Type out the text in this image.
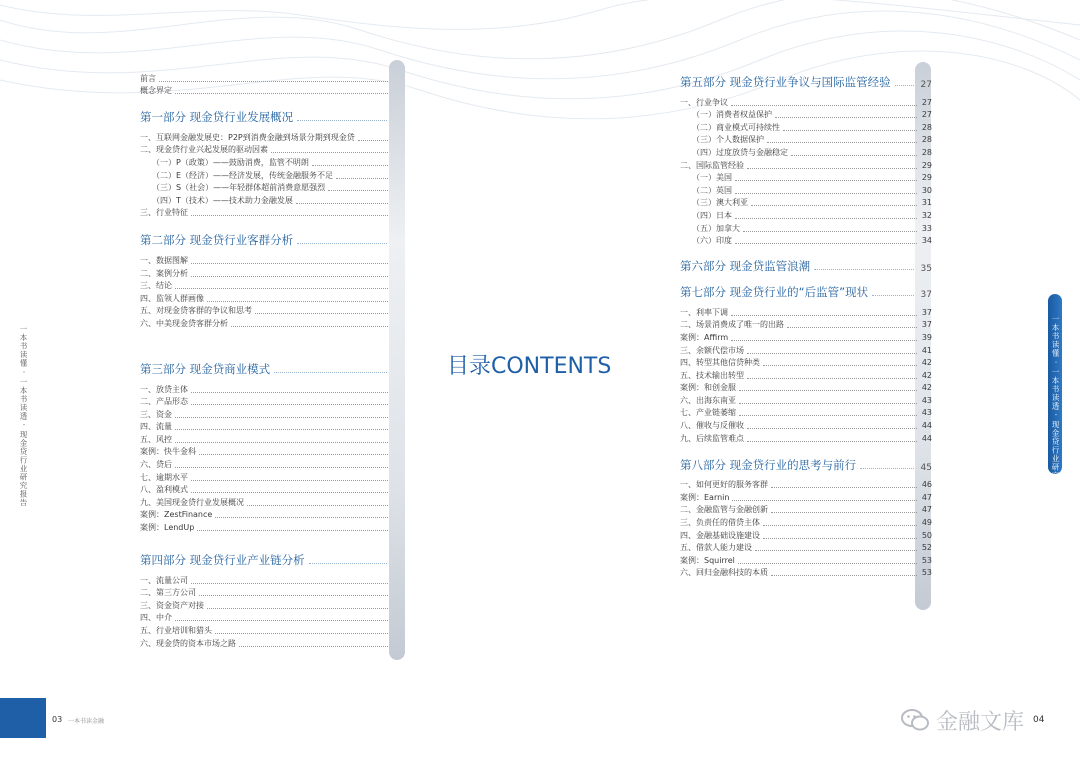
一本书读懂 · 一本书读透 · 现金贷行业研究报告
前言
概念界定
第一部分 现金贷行业发展概况
一、互联网金融发展史：P2P到消费金融到场景分期到现金贷
二、现金贷行业兴起发展的驱动因素
（一）P（政策）——鼓励消费，监管不明朗
（二）E（经济）——经济发展，传统金融服务不足
（三）S（社会）——年轻群体超前消费意愿强烈
（四）T（技术）——技术助力金融发展
三、行业特征
第二部分 现金贷行业客群分析
一、数据图解
二、案例分析
三、结论
四、监领人群画像
五、对现金贷客群的争议和思考
六、中美现金贷客群分析
第三部分 现金贷商业模式
一、放贷主体
二、产品形态
三、资金
四、流量
五、风控
案例：快牛金科
六、贷后
七、逾期水平
八、盈利模式
九、美国现金贷行业发展概况
案例：ZestFinance
案例：LendUp
第四部分 现金贷行业产业链分析
一、流量公司
二、第三方公司
三、资金资产对接
四、中介
五、行业培训和猎头
六、现金贷的资本市场之路
目录CONTENTS
第五部分 现金贷行业争议与国际监管经验	27
一、行业争议	27
（一）消费者权益保护	27
（二）商业模式可持续性	28
（三）个人数据保护	28
（四）过度放贷与金融稳定	28
二、国际监管经验	29
（一）美国	29
（二）英国	30
（三）澳大利亚	31
（四）日本	32
（五）加拿大	33
（六）印度	34
第六部分 现金贷监管浪潮	35
第七部分 现金贷行业的“后监管”现状	37
一、利率下调	37
二、场景消费成了唯一的出路	37
案例：Affirm	39
三、余额代偿市场	41
四、转型其他信贷种类	42
五、技术输出转型	42
案例：和创金服	42
六、出海东南亚	43
七、产业链萎缩	43
八、催收与反催收	44
九、后续监管难点	44
第八部分 现金贷行业的思考与前行	45
一、如何更好的服务客群	46
案例：Earnin	47
二、金融监管与金融创新	47
三、负责任的借贷主体	49
四、金融基础设施建设	50
五、借款人能力建设	52
案例：Squirrel	53
六、回归金融科技的本质	53
一本书读懂 · 一本书读透 · 现金贷行业研究报告
03 一本书读金融	金融文库 04
